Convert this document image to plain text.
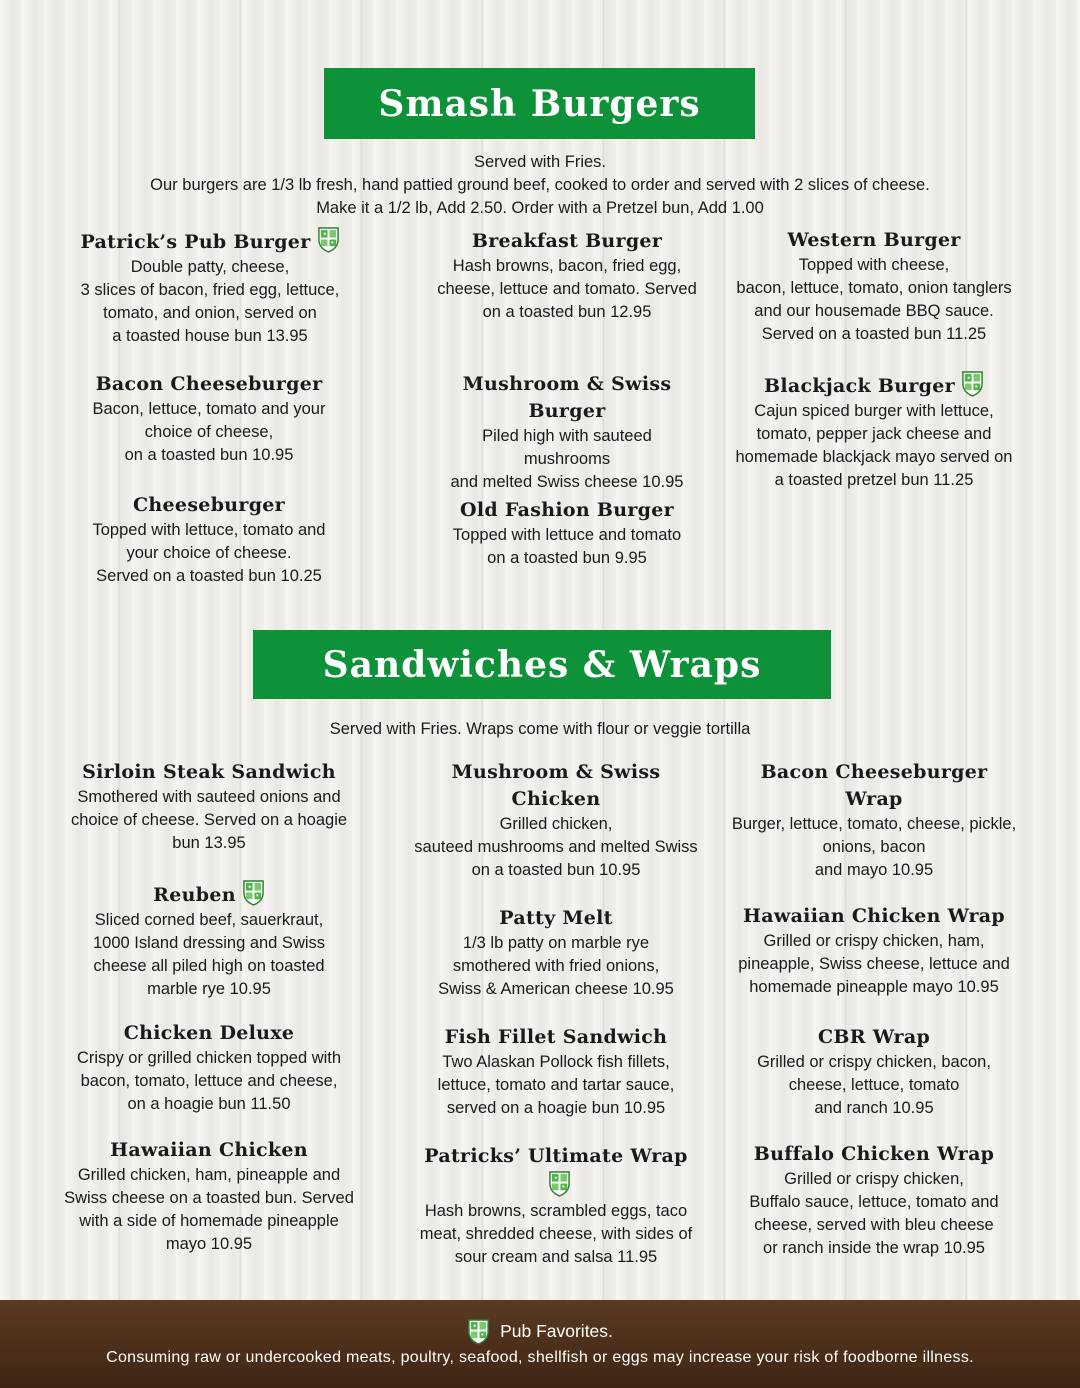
Smash Burgers
Served with Fries.
Our burgers are 1/3 lb fresh, hand pattied ground beef, cooked to order and served with 2 slices of cheese.
Make it a 1/2 lb, Add 2.50. Order with a Pretzel bun, Add 1.00
Patrick’s Pub Burger
Double patty, cheese,
3 slices of bacon, fried egg, lettuce,
tomato, and onion, served on
a toasted house bun 13.95
Breakfast Burger
Hash browns, bacon, fried egg,
cheese, lettuce and tomato. Served
on a toasted bun 12.95
Western Burger
Topped with cheese,
bacon, lettuce, tomato, onion tanglers
and our housemade BBQ sauce.
Served on a toasted bun 11.25
Bacon Cheeseburger
Bacon, lettuce, tomato and your
choice of cheese,
on a toasted bun 10.95
Mushroom & Swiss Burger
Piled high with sauteed mushrooms
and melted Swiss cheese 10.95
Blackjack Burger
Cajun spiced burger with lettuce,
tomato, pepper jack cheese and
homemade blackjack mayo served on
a toasted pretzel bun 11.25
Cheeseburger
Topped with lettuce, tomato and
your choice of cheese.
Served on a toasted bun 10.25
Old Fashion Burger
Topped with lettuce and tomato
on a toasted bun 9.95
Sandwiches & Wraps
Served with Fries. Wraps come with flour or veggie tortilla
Sirloin Steak Sandwich
Smothered with sauteed onions and
choice of cheese. Served on a hoagie
bun 13.95
Mushroom & Swiss Chicken
Grilled chicken,
sauteed mushrooms and melted Swiss
on a toasted bun 10.95
Bacon Cheeseburger Wrap
Burger, lettuce, tomato, cheese, pickle,
onions, bacon
and mayo 10.95
Reuben
Sliced corned beef, sauerkraut,
1000 Island dressing and Swiss
cheese all piled high on toasted
marble rye 10.95
Patty Melt
1/3 lb patty on marble rye
smothered with fried onions,
Swiss & American cheese 10.95
Hawaiian Chicken Wrap
Grilled or crispy chicken, ham,
pineapple, Swiss cheese, lettuce and
homemade pineapple mayo 10.95
Chicken Deluxe
Crispy or grilled chicken topped with
bacon, tomato, lettuce and cheese,
on a hoagie bun 11.50
Fish Fillet Sandwich
Two Alaskan Pollock fish fillets,
lettuce, tomato and tartar sauce,
served on a hoagie bun 10.95
CBR Wrap
Grilled or crispy chicken, bacon,
cheese, lettuce, tomato
and ranch 10.95
Hawaiian Chicken
Grilled chicken, ham, pineapple and
Swiss cheese on a toasted bun. Served
with a side of homemade pineapple
mayo 10.95
Patricks’ Ultimate Wrap
Hash browns, scrambled eggs, taco
meat, shredded cheese, with sides of
sour cream and salsa 11.95
Buffalo Chicken Wrap
Grilled or crispy chicken,
Buffalo sauce, lettuce, tomato and
cheese, served with bleu cheese
or ranch inside the wrap 10.95
Pub Favorites.
Consuming raw or undercooked meats, poultry, seafood, shellfish or eggs may increase your risk of foodborne illness.
